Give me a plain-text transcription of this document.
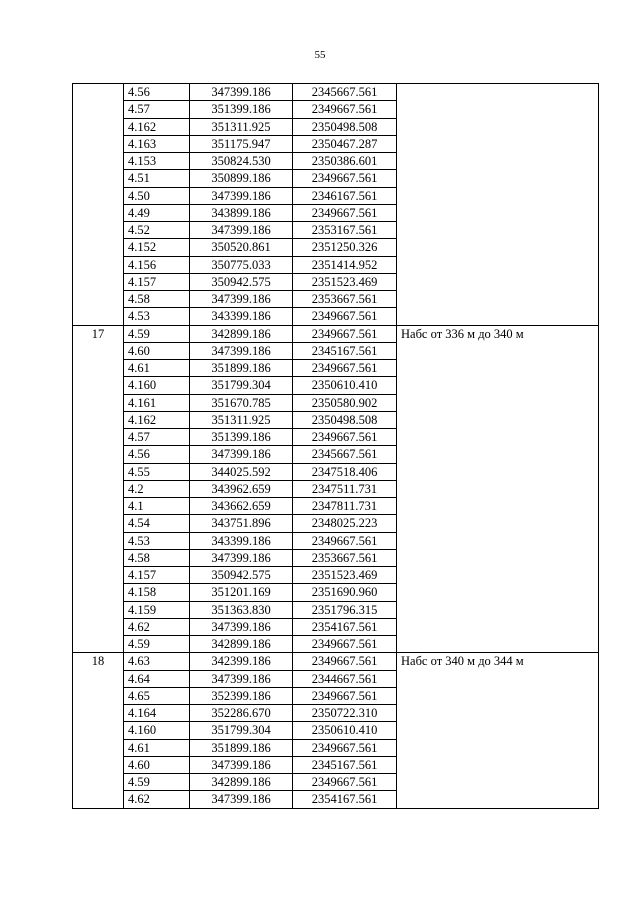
55
	4.56	347399.186	2345667.561	
	4.57	351399.186	2349667.561	
	4.162	351311.925	2350498.508	
	4.163	351175.947	2350467.287	
	4.153	350824.530	2350386.601	
	4.51	350899.186	2349667.561	
	4.50	347399.186	2346167.561	
	4.49	343899.186	2349667.561	
	4.52	347399.186	2353167.561	
	4.152	350520.861	2351250.326	
	4.156	350775.033	2351414.952	
	4.157	350942.575	2351523.469	
	4.58	347399.186	2353667.561	
	4.53	343399.186	2349667.561	
17	4.59	342899.186	2349667.561	Набс от 336 м до 340 м
	4.60	347399.186	2345167.561	
	4.61	351899.186	2349667.561	
	4.160	351799.304	2350610.410	
	4.161	351670.785	2350580.902	
	4.162	351311.925	2350498.508	
	4.57	351399.186	2349667.561	
	4.56	347399.186	2345667.561	
	4.55	344025.592	2347518.406	
	4.2	343962.659	2347511.731	
	4.1	343662.659	2347811.731	
	4.54	343751.896	2348025.223	
	4.53	343399.186	2349667.561	
	4.58	347399.186	2353667.561	
	4.157	350942.575	2351523.469	
	4.158	351201.169	2351690.960	
	4.159	351363.830	2351796.315	
	4.62	347399.186	2354167.561	
	4.59	342899.186	2349667.561	
18	4.63	342399.186	2349667.561	Набс от 340 м до 344 м
	4.64	347399.186	2344667.561	
	4.65	352399.186	2349667.561	
	4.164	352286.670	2350722.310	
	4.160	351799.304	2350610.410	
	4.61	351899.186	2349667.561	
	4.60	347399.186	2345167.561	
	4.59	342899.186	2349667.561	
	4.62	347399.186	2354167.561	
